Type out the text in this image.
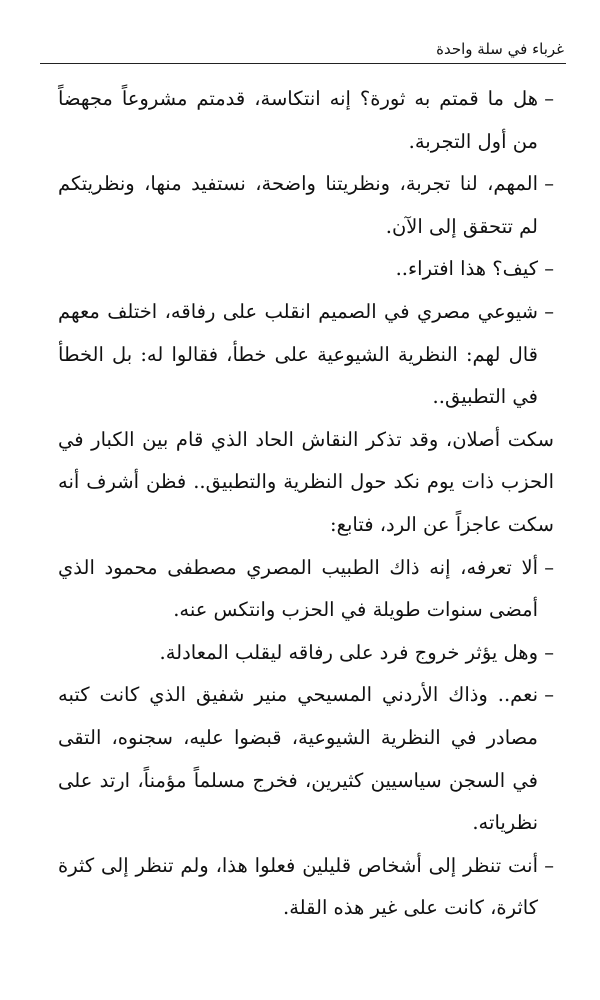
غرباء في سلة واحدة

–هل ما قمتم به ثورة؟ إنه انتكاسة، قدمتم مشروعاً مجهضاً من أول التجربة.

–المهم، لنا تجربة، ونظريتنا واضحة، نستفيد منها، ونظريتكم لم تتحقق إلى الآن.

–كيف؟ هذا افتراء..

–شيوعي مصري في الصميم انقلب على رفاقه، اختلف معهم قال لهم: النظرية الشيوعية على خطأ، فقالوا له: بل الخطأ في التطبيق..

سكت أصلان، وقد تذكر النقاش الحاد الذي قام بين الكبار في الحزب ذات يوم نكد حول النظرية والتطبيق.. فظن أشرف أنه سكت عاجزاً عن الرد، فتابع:

–ألا تعرفه، إنه ذاك الطبيب المصري مصطفى محمود الذي أمضى سنوات طويلة في الحزب وانتكس عنه.

–وهل يؤثر خروج فرد على رفاقه ليقلب المعادلة.

–نعم.. وذاك الأردني المسيحي منير شفيق الذي كانت كتبه مصادر في النظرية الشيوعية، قبضوا عليه، سجنوه، التقى في السجن سياسيين كثيرين، فخرج مسلماً مؤمناً، ارتد على نظرياته.

–أنت تنظر إلى أشخاص قليلين فعلوا هذا، ولم تنظر إلى كثرة كاثرة، كانت على غير هذه القلة.
